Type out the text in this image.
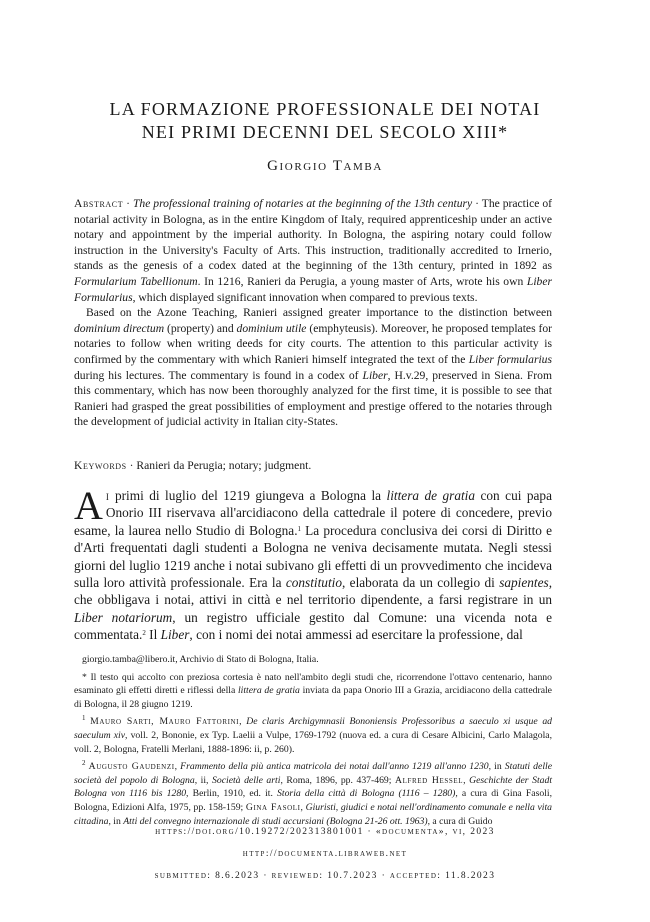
LA FORMAZIONE PROFESSIONALE DEI NOTAI
NEI PRIMI DECENNI DEL SECOLO XIII*
Giorgio Tamba

Abstract · The professional training of notaries at the beginning of the 13th century · The practice of notarial activity in Bologna, as in the entire Kingdom of Italy, required apprenticeship under an active notary and appointment by the imperial authority. In Bologna, the aspiring notary could follow instruction in the University's Faculty of Arts. This instruction, traditionally accredited to Irnerio, stands as the genesis of a codex dated at the beginning of the 13th century, printed in 1892 as Formularium Tabellionum. In 1216, Ranieri da Perugia, a young master of Arts, wrote his own Liber Formularius, which displayed significant innovation when compared to previous texts.

Based on the Azone Teaching, Ranieri assigned greater importance to the distinction between dominium directum (property) and dominium utile (emphyteusis). Moreover, he proposed templates for notaries to follow when writing deeds for city courts. The attention to this particular activity is confirmed by the commentary with which Ranieri himself integrated the text of the Liber formularius during his lectures. The commentary is found in a codex of Liber, H.v.29, preserved in Siena. From this commentary, which has now been thoroughly analyzed for the first time, it is possible to see that Ranieri had grasped the great possibilities of employment and prestige offered to the notaries through the development of judicial activity in Italian city-States.

Keywords · Ranieri da Perugia; notary; judgment.

Ai primi di luglio del 1219 giungeva a Bologna la littera de gratia con cui papa Onorio III riservava all'arcidiacono della cattedrale il potere di concedere, previo esame, la laurea nello Studio di Bologna.$^1$ La procedura conclusiva dei corsi di Diritto e d'Arti frequentati dagli studenti a Bologna ne veniva decisamente mutata. Negli stessi giorni del luglio 1219 anche i notai subivano gli effetti di un provvedimento che incideva sulla loro attività professionale. Era la constitutio, elaborata da un collegio di sapientes, che obbligava i notai, attivi in città e nel territorio dipendente, a farsi registrare in un Liber notariorum, un registro ufficiale gestito dal Comune: una vicenda nota e commentata.$^2$ Il Liber, con i nomi dei notai ammessi ad esercitare la professione, dal

giorgio.tamba@libero.it, Archivio di Stato di Bologna, Italia.

* Il testo qui accolto con preziosa cortesia è nato nell'ambito degli studi che, ricorrendone l'ottavo centenario, hanno esaminato gli effetti diretti e riflessi della littera de gratia inviata da papa Onorio III a Grazia, arcidiacono della cattedrale di Bologna, il 28 giugno 1219.

$^1$ Mauro Sarti, Mauro Fattorini, De claris Archigymnasii Bononiensis Professoribus a saeculo xi usque ad saeculum xiv, voll. 2, Bononie, ex Typ. Laelii a Vulpe, 1769-1792 (nuova ed. a cura di Cesare Albicini, Carlo Malagola, voll. 2, Bologna, Fratelli Merlani, 1888-1896: ii, p. 260).

$^2$ Augusto Gaudenzi, Frammento della più antica matricola dei notai dall'anno 1219 all'anno 1230, in Statuti delle società del popolo di Bologna, ii, Società delle arti, Roma, 1896, pp. 437-469; Alfred Hessel, Geschichte der Stadt Bologna von 1116 bis 1280, Berlin, 1910, ed. it. Storia della città di Bologna (1116 – 1280), a cura di Gina Fasoli, Bologna, Edizioni Alfa, 1975, pp. 158-159; Gina Fasoli, Giuristi, giudici e notai nell'ordinamento comunale e nella vita cittadina, in Atti del convegno internazionale di studi accursiani (Bologna 21-26 ott. 1963), a cura di Guido

https://doi.org/10.19272/202313801001 · «documenta», vi, 2023
http://documenta.libraweb.net
submitted: 8.6.2023 · reviewed: 10.7.2023 · accepted: 11.8.2023
